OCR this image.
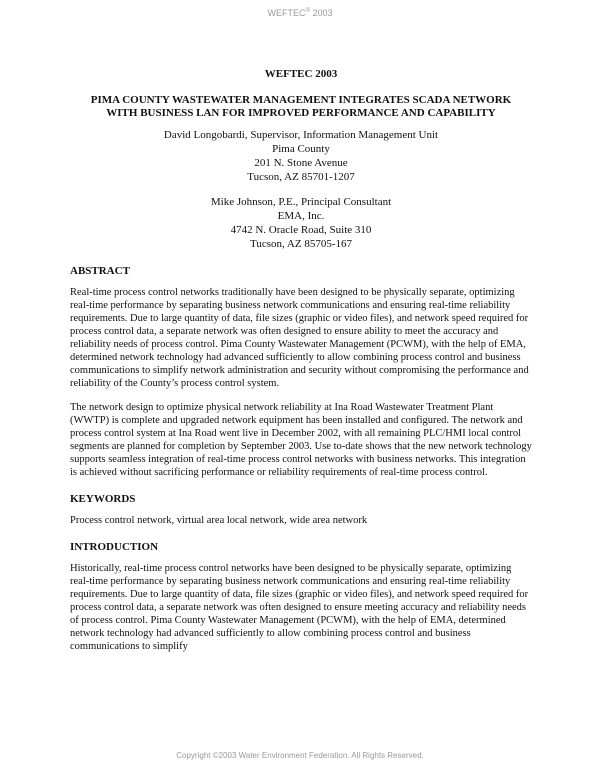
WEFTEC® 2003
WEFTEC 2003
PIMA COUNTY WASTEWATER MANAGEMENT INTEGRATES SCADA NETWORK
WITH BUSINESS LAN FOR IMPROVED PERFORMANCE AND CAPABILITY
David Longobardi, Supervisor, Information Management Unit
Pima County
201 N. Stone Avenue
Tucson, AZ 85701-1207
Mike Johnson, P.E., Principal Consultant
EMA, Inc.
4742 N. Oracle Road, Suite 310
Tucson, AZ 85705-167
ABSTRACT

Real-time process control networks traditionally have been designed to be physically separate, optimizing real-time performance by separating business network communications and ensuring real-time reliability requirements. Due to large quantity of data, file sizes (graphic or video files), and network speed required for process control data, a separate network was often designed to ensure ability to meet the accuracy and reliability needs of process control. Pima County Wastewater Management (PCWM), with the help of EMA, determined network technology had advanced sufficiently to allow combining process control and business communications to simplify network administration and security without compromising the performance and reliability of the County’s process control system.

The network design to optimize physical network reliability at Ina Road Wastewater Treatment Plant (WWTP) is complete and upgraded network equipment has been installed and configured. The network and process control system at Ina Road went live in December 2002, with all remaining PLC/HMI local control segments are planned for completion by September 2003. Use to-date shows that the new network technology supports seamless integration of real-time process control networks with business networks. This integration is achieved without sacrificing performance or reliability requirements of real-time process control.

KEYWORDS

Process control network, virtual area local network, wide area network

INTRODUCTION

Historically, real-time process control networks have been designed to be physically separate, optimizing real-time performance by separating business network communications and ensuring real-time reliability requirements. Due to large quantity of data, file sizes (graphic or video files), and network speed required for process control data, a separate network was often designed to ensure meeting accuracy and reliability needs of process control. Pima County Wastewater Management (PCWM), with the help of EMA, determined network technology had advanced sufficiently to allow combining process control and business communications to simplify

Copyright ©2003 Water Environment Federation. All Rights Reserved.
